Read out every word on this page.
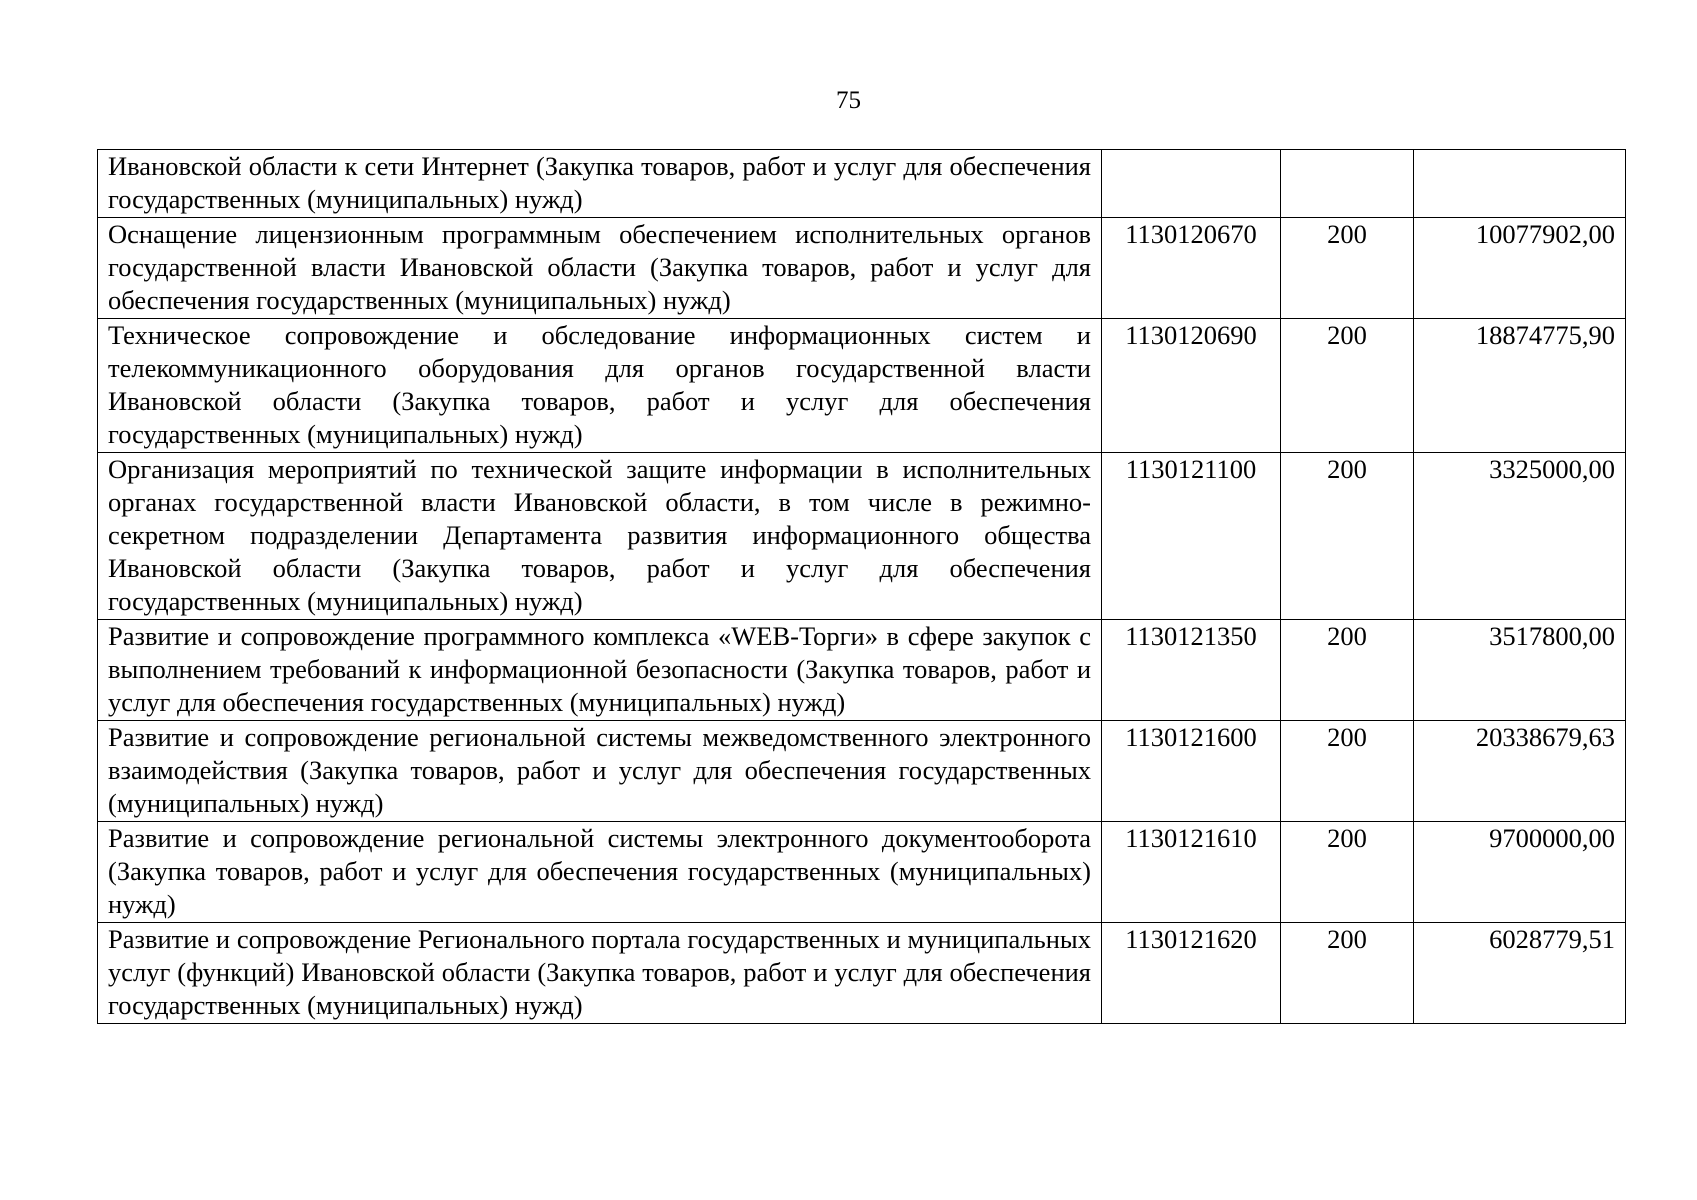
75
Ивановской области к сети Интернет (Закупка товаров, работ и услуг для обеспечения государственных (муниципальных) нужд)			
Оснащение лицензионным программным обеспечением исполнительных органов государственной власти Ивановской области (Закупка товаров, работ и услуг для обеспечения государственных (муниципальных) нужд)	1130120670	200	10077902,00
Техническое сопровождение и обследование информационных систем и телекоммуникационного оборудования для органов государственной власти Ивановской области (Закупка товаров, работ и услуг для обеспечения государственных (муниципальных) нужд)	1130120690	200	18874775,90
Организация мероприятий по технической защите информации в исполнительных органах государственной власти Ивановской области, в том числе в режимно-секретном подразделении Департамента развития информационного общества Ивановской области (Закупка товаров, работ и услуг для обеспечения государственных (муниципальных) нужд)	1130121100	200	3325000,00
Развитие и сопровождение программного комплекса «WEB-Торги» в сфере закупок с выполнением требований к информационной безопасности (Закупка товаров, работ и услуг для обеспечения государственных (муниципальных) нужд)	1130121350	200	3517800,00
Развитие и сопровождение региональной системы межведомственного электронного взаимодействия (Закупка товаров, работ и услуг для обеспечения государственных (муниципальных) нужд)	1130121600	200	20338679,63
Развитие и сопровождение региональной системы электронного документооборота (Закупка товаров, работ и услуг для обеспечения государственных (муниципальных) нужд)	1130121610	200	9700000,00
Развитие и сопровождение Регионального портала государственных и муниципальных услуг (функций) Ивановской области (Закупка товаров, работ и услуг для обеспечения государственных (муниципальных) нужд)	1130121620	200	6028779,51
